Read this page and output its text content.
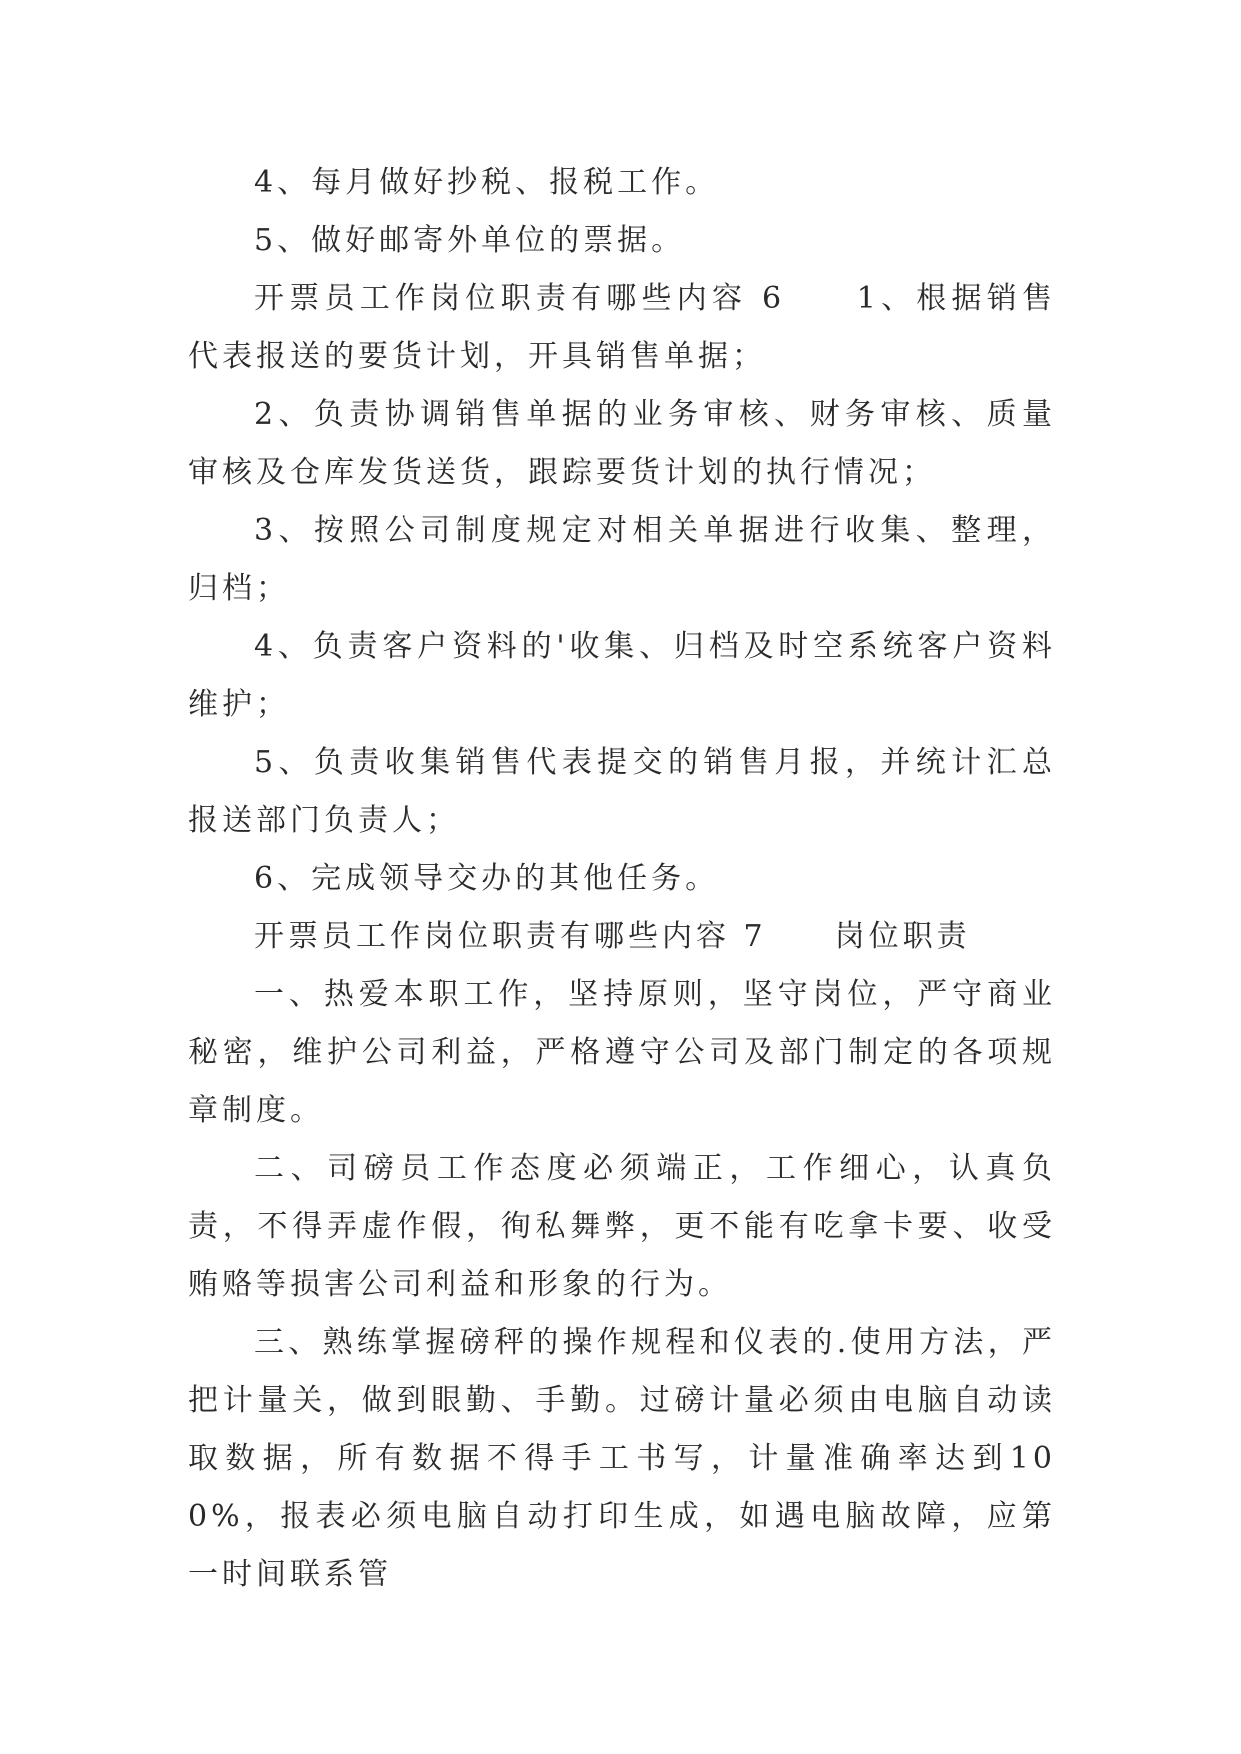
4、每月做好抄税、报税工作。

5、做好邮寄外单位的票据。

开票员工作岗位职责有哪些内容 6　　1、根据销售代表报送的要货计划，开具销售单据；

2、负责协调销售单据的业务审核、财务审核、质量审核及仓库发货送货，跟踪要货计划的执行情况；

3、按照公司制度规定对相关单据进行收集、整理，归档；

4、负责客户资料的'收集、归档及时空系统客户资料维护；

5、负责收集销售代表提交的销售月报，并统计汇总报送部门负责人；

6、完成领导交办的其他任务。

开票员工作岗位职责有哪些内容 7　　岗位职责

一、热爱本职工作，坚持原则，坚守岗位，严守商业秘密，维护公司利益，严格遵守公司及部门制定的各项规章制度。

二、司磅员工作态度必须端正，工作细心，认真负责，不得弄虚作假，徇私舞弊，更不能有吃拿卡要、收受贿赂等损害公司利益和形象的行为。

三、熟练掌握磅秤的操作规程和仪表的.使用方法，严把计量关，做到眼勤、手勤。过磅计量必须由电脑自动读取数据，所有数据不得手工书写，计量准确率达到100%，报表必须电脑自动打印生成，如遇电脑故障，应第一时间联系管
